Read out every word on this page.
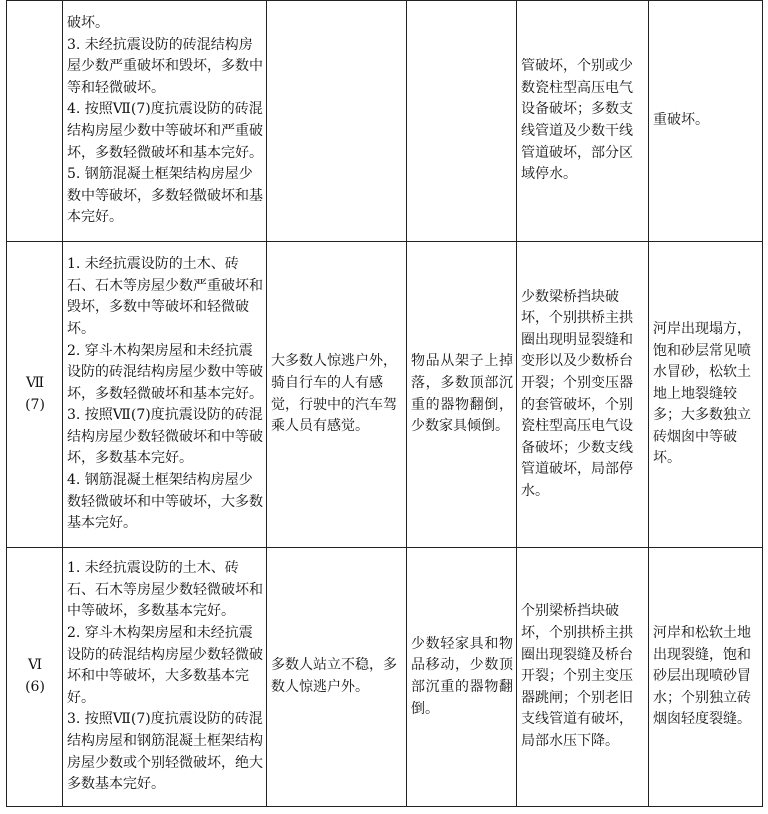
	破坏。
3. 未经抗震设防的砖混结构房屋少数严重破坏和毁坏，多数中等和轻微破坏。
4. 按照Ⅶ(7)度抗震设防的砖混结构房屋少数中等破坏和严重破坏，多数轻微破坏和基本完好。
5. 钢筋混凝土框架结构房屋少数中等破坏，多数轻微破坏和基本完好。			管破坏，个别或少数瓷柱型高压电气设备破坏；多数支线管道及少数干线管道破坏，部分区域停水。	重破坏。

Ⅶ
(7)	1. 未经抗震设防的土木、砖石、石木等房屋少数严重破坏和毁坏，多数中等破坏和轻微破坏。
2. 穿斗木构架房屋和未经抗震设防的砖混结构房屋少数中等破坏，多数轻微破坏和基本完好。
3. 按照Ⅶ(7)度抗震设防的砖混结构房屋少数轻微破坏和中等破坏，多数基本完好。
4. 钢筋混凝土框架结构房屋少数轻微破坏和中等破坏，大多数基本完好。	大多数人惊逃户外，骑自行车的人有感觉，行驶中的汽车驾乘人员有感觉。	物品从架子上掉落，多数顶部沉重的器物翻倒，少数家具倾倒。	少数梁桥挡块破坏，个别拱桥主拱圈出现明显裂缝和变形以及少数桥台开裂；个别变压器的套管破坏，个别瓷柱型高压电气设备破坏；少数支线管道破坏，局部停水。	河岸出现塌方，饱和砂层常见喷水冒砂，松软土地上地裂缝较多；大多数独立砖烟囱中等破坏。

Ⅵ
(6)	1. 未经抗震设防的土木、砖石、石木等房屋少数轻微破坏和中等破坏，多数基本完好。
2. 穿斗木构架房屋和未经抗震设防的砖混结构房屋少数轻微破坏和中等破坏，大多数基本完好。
3. 按照Ⅶ(7)度抗震设防的砖混结构房屋和钢筋混凝土框架结构房屋少数或个别轻微破坏，绝大多数基本完好。	多数人站立不稳，多数人惊逃户外。	少数轻家具和物品移动，少数顶部沉重的器物翻倒。	个别梁桥挡块破坏，个别拱桥主拱圈出现裂缝及桥台开裂；个别主变压器跳闸；个别老旧支线管道有破坏，局部水压下降。	河岸和松软土地出现裂缝，饱和砂层出现喷砂冒水；个别独立砖烟囱轻度裂缝。
